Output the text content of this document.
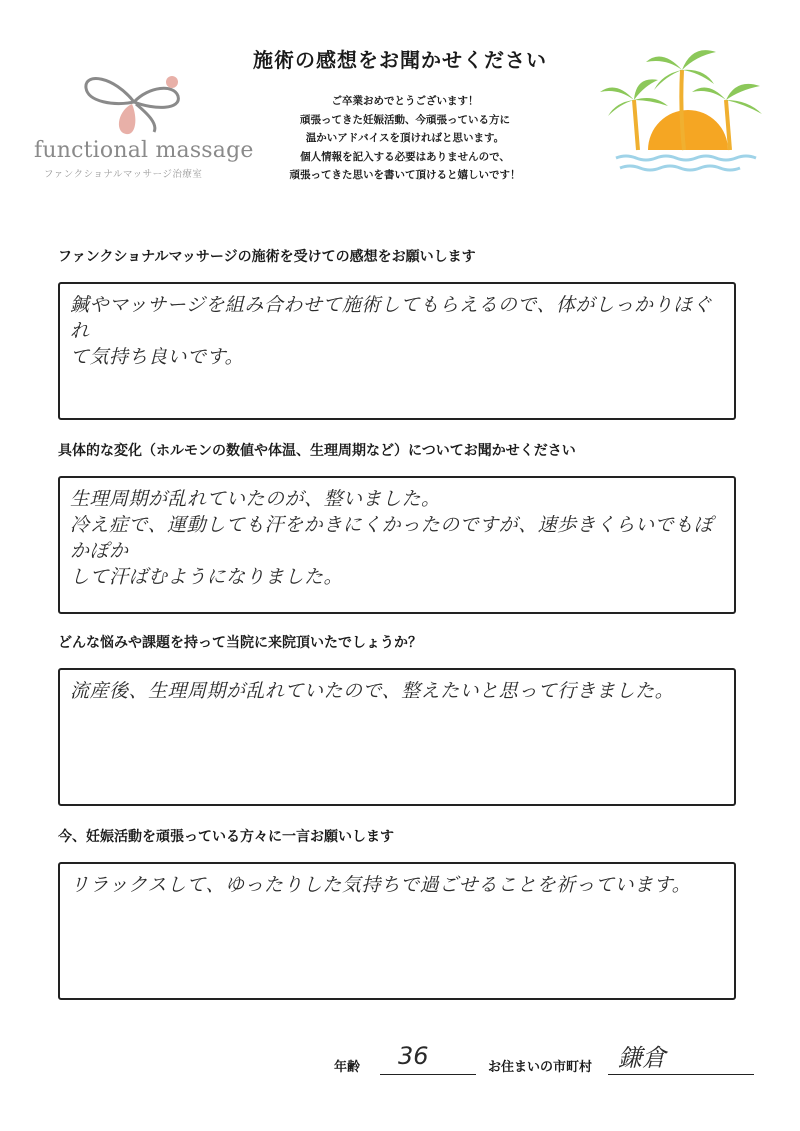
functional massage
ファンクショナルマッサージ治療室
施術の感想をお聞かせください
ご卒業おめでとうございます！
頑張ってきた妊娠活動、今頑張っている方に
温かいアドバイスを頂ければと思います。
個人情報を記入する必要はありませんので、
頑張ってきた思いを書いて頂けると嬉しいです！
ファンクショナルマッサージの施術を受けての感想をお願いします
鍼やマッサージを組み合わせて施術してもらえるので、体がしっかりほぐれ
て気持ち良いです。
具体的な変化（ホルモンの数値や体温、生理周期など）についてお聞かせください
生理周期が乱れていたのが、整いました。
冷え症で、運動しても汗をかきにくかったのですが、速歩きくらいでもぽかぽか
して汗ばむようになりました。
どんな悩みや課題を持って当院に来院頂いたでしょうか？
流産後、生理周期が乱れていたので、整えたいと思って行きました。
今、妊娠活動を頑張っている方々に一言お願いします
リラックスして、ゆったりした気持ちで過ごせることを祈っています。
年齢 36	お住まいの市町村 鎌倉
